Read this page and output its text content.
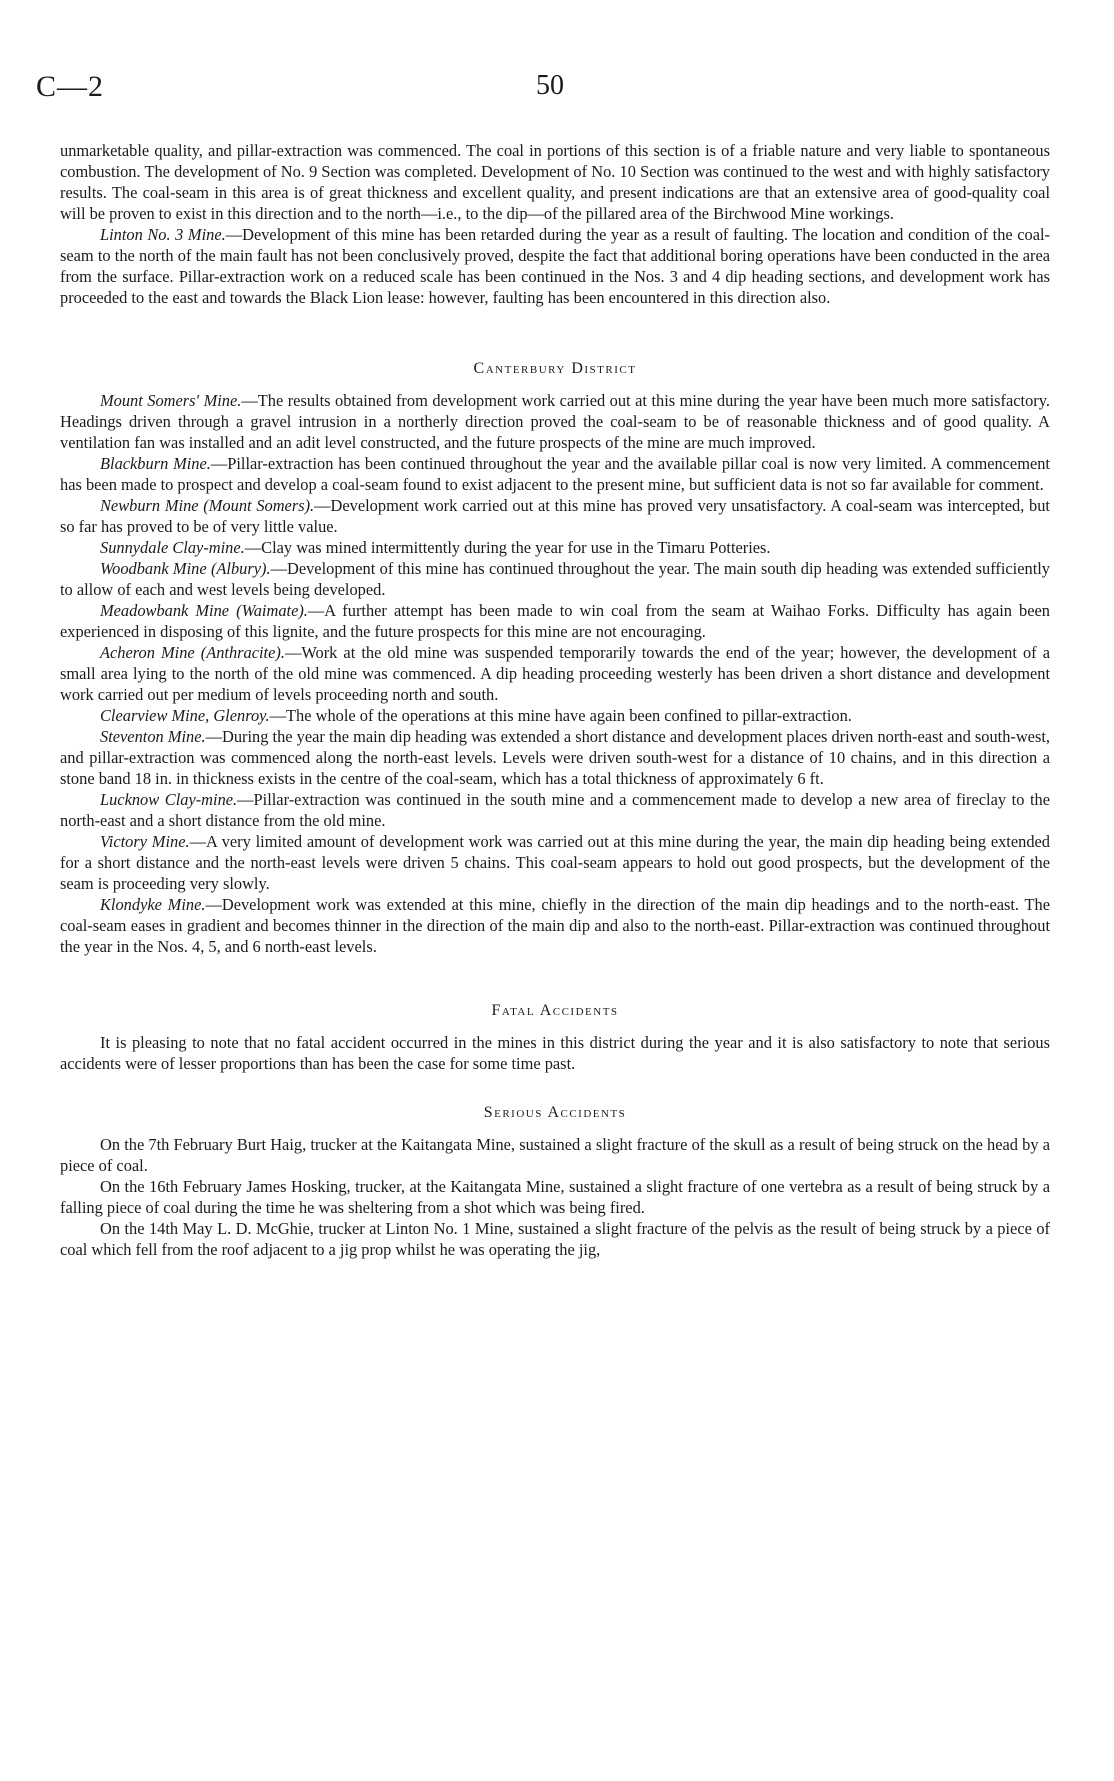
C—2	50

unmarketable quality, and pillar-extraction was commenced. The coal in portions of this section is of a friable nature and very liable to spontaneous combustion. The development of No. 9 Section was completed. Development of No. 10 Section was continued to the west and with highly satisfactory results. The coal-seam in this area is of great thickness and excellent quality, and present indications are that an extensive area of good-quality coal will be proven to exist in this direction and to the north—i.e., to the dip—of the pillared area of the Birchwood Mine workings.

Linton No. 3 Mine.—Development of this mine has been retarded during the year as a result of faulting. The location and condition of the coal-seam to the north of the main fault has not been conclusively proved, despite the fact that additional boring operations have been conducted in the area from the surface. Pillar-extraction work on a reduced scale has been continued in the Nos. 3 and 4 dip heading sections, and development work has proceeded to the east and towards the Black Lion lease: however, faulting has been encountered in this direction also.

Canterbury District

Mount Somers' Mine.—The results obtained from development work carried out at this mine during the year have been much more satisfactory. Headings driven through a gravel intrusion in a northerly direction proved the coal-seam to be of reasonable thickness and of good quality. A ventilation fan was installed and an adit level constructed, and the future prospects of the mine are much improved.

Blackburn Mine.—Pillar-extraction has been continued throughout the year and the available pillar coal is now very limited. A commencement has been made to prospect and develop a coal-seam found to exist adjacent to the present mine, but sufficient data is not so far available for comment.

Newburn Mine (Mount Somers).—Development work carried out at this mine has proved very unsatisfactory. A coal-seam was intercepted, but so far has proved to be of very little value.

Sunnydale Clay-mine.—Clay was mined intermittently during the year for use in the Timaru Potteries.

Woodbank Mine (Albury).—Development of this mine has continued throughout the year. The main south dip heading was extended sufficiently to allow of each and west levels being developed.

Meadowbank Mine (Waimate).—A further attempt has been made to win coal from the seam at Waihao Forks. Difficulty has again been experienced in disposing of this lignite, and the future prospects for this mine are not encouraging.

Acheron Mine (Anthracite).—Work at the old mine was suspended temporarily towards the end of the year; however, the development of a small area lying to the north of the old mine was commenced. A dip heading proceeding westerly has been driven a short distance and development work carried out per medium of levels proceeding north and south.

Clearview Mine, Glenroy.—The whole of the operations at this mine have again been confined to pillar-extraction.

Steventon Mine.—During the year the main dip heading was extended a short distance and development places driven north-east and south-west, and pillar-extraction was commenced along the north-east levels. Levels were driven south-west for a distance of 10 chains, and in this direction a stone band 18 in. in thickness exists in the centre of the coal-seam, which has a total thickness of approximately 6 ft.

Lucknow Clay-mine.—Pillar-extraction was continued in the south mine and a commencement made to develop a new area of fireclay to the north-east and a short distance from the old mine.

Victory Mine.—A very limited amount of development work was carried out at this mine during the year, the main dip heading being extended for a short distance and the north-east levels were driven 5 chains. This coal-seam appears to hold out good prospects, but the development of the seam is proceeding very slowly.

Klondyke Mine.—Development work was extended at this mine, chiefly in the direction of the main dip headings and to the north-east. The coal-seam eases in gradient and becomes thinner in the direction of the main dip and also to the north-east. Pillar-extraction was continued throughout the year in the Nos. 4, 5, and 6 north-east levels.

Fatal Accidents

It is pleasing to note that no fatal accident occurred in the mines in this district during the year and it is also satisfactory to note that serious accidents were of lesser proportions than has been the case for some time past.

Serious Accidents

On the 7th February Burt Haig, trucker at the Kaitangata Mine, sustained a slight fracture of the skull as a result of being struck on the head by a piece of coal.

On the 16th February James Hosking, trucker, at the Kaitangata Mine, sustained a slight fracture of one vertebra as a result of being struck by a falling piece of coal during the time he was sheltering from a shot which was being fired.

On the 14th May L. D. McGhie, trucker at Linton No. 1 Mine, sustained a slight fracture of the pelvis as the result of being struck by a piece of coal which fell from the roof adjacent to a jig prop whilst he was operating the jig,
